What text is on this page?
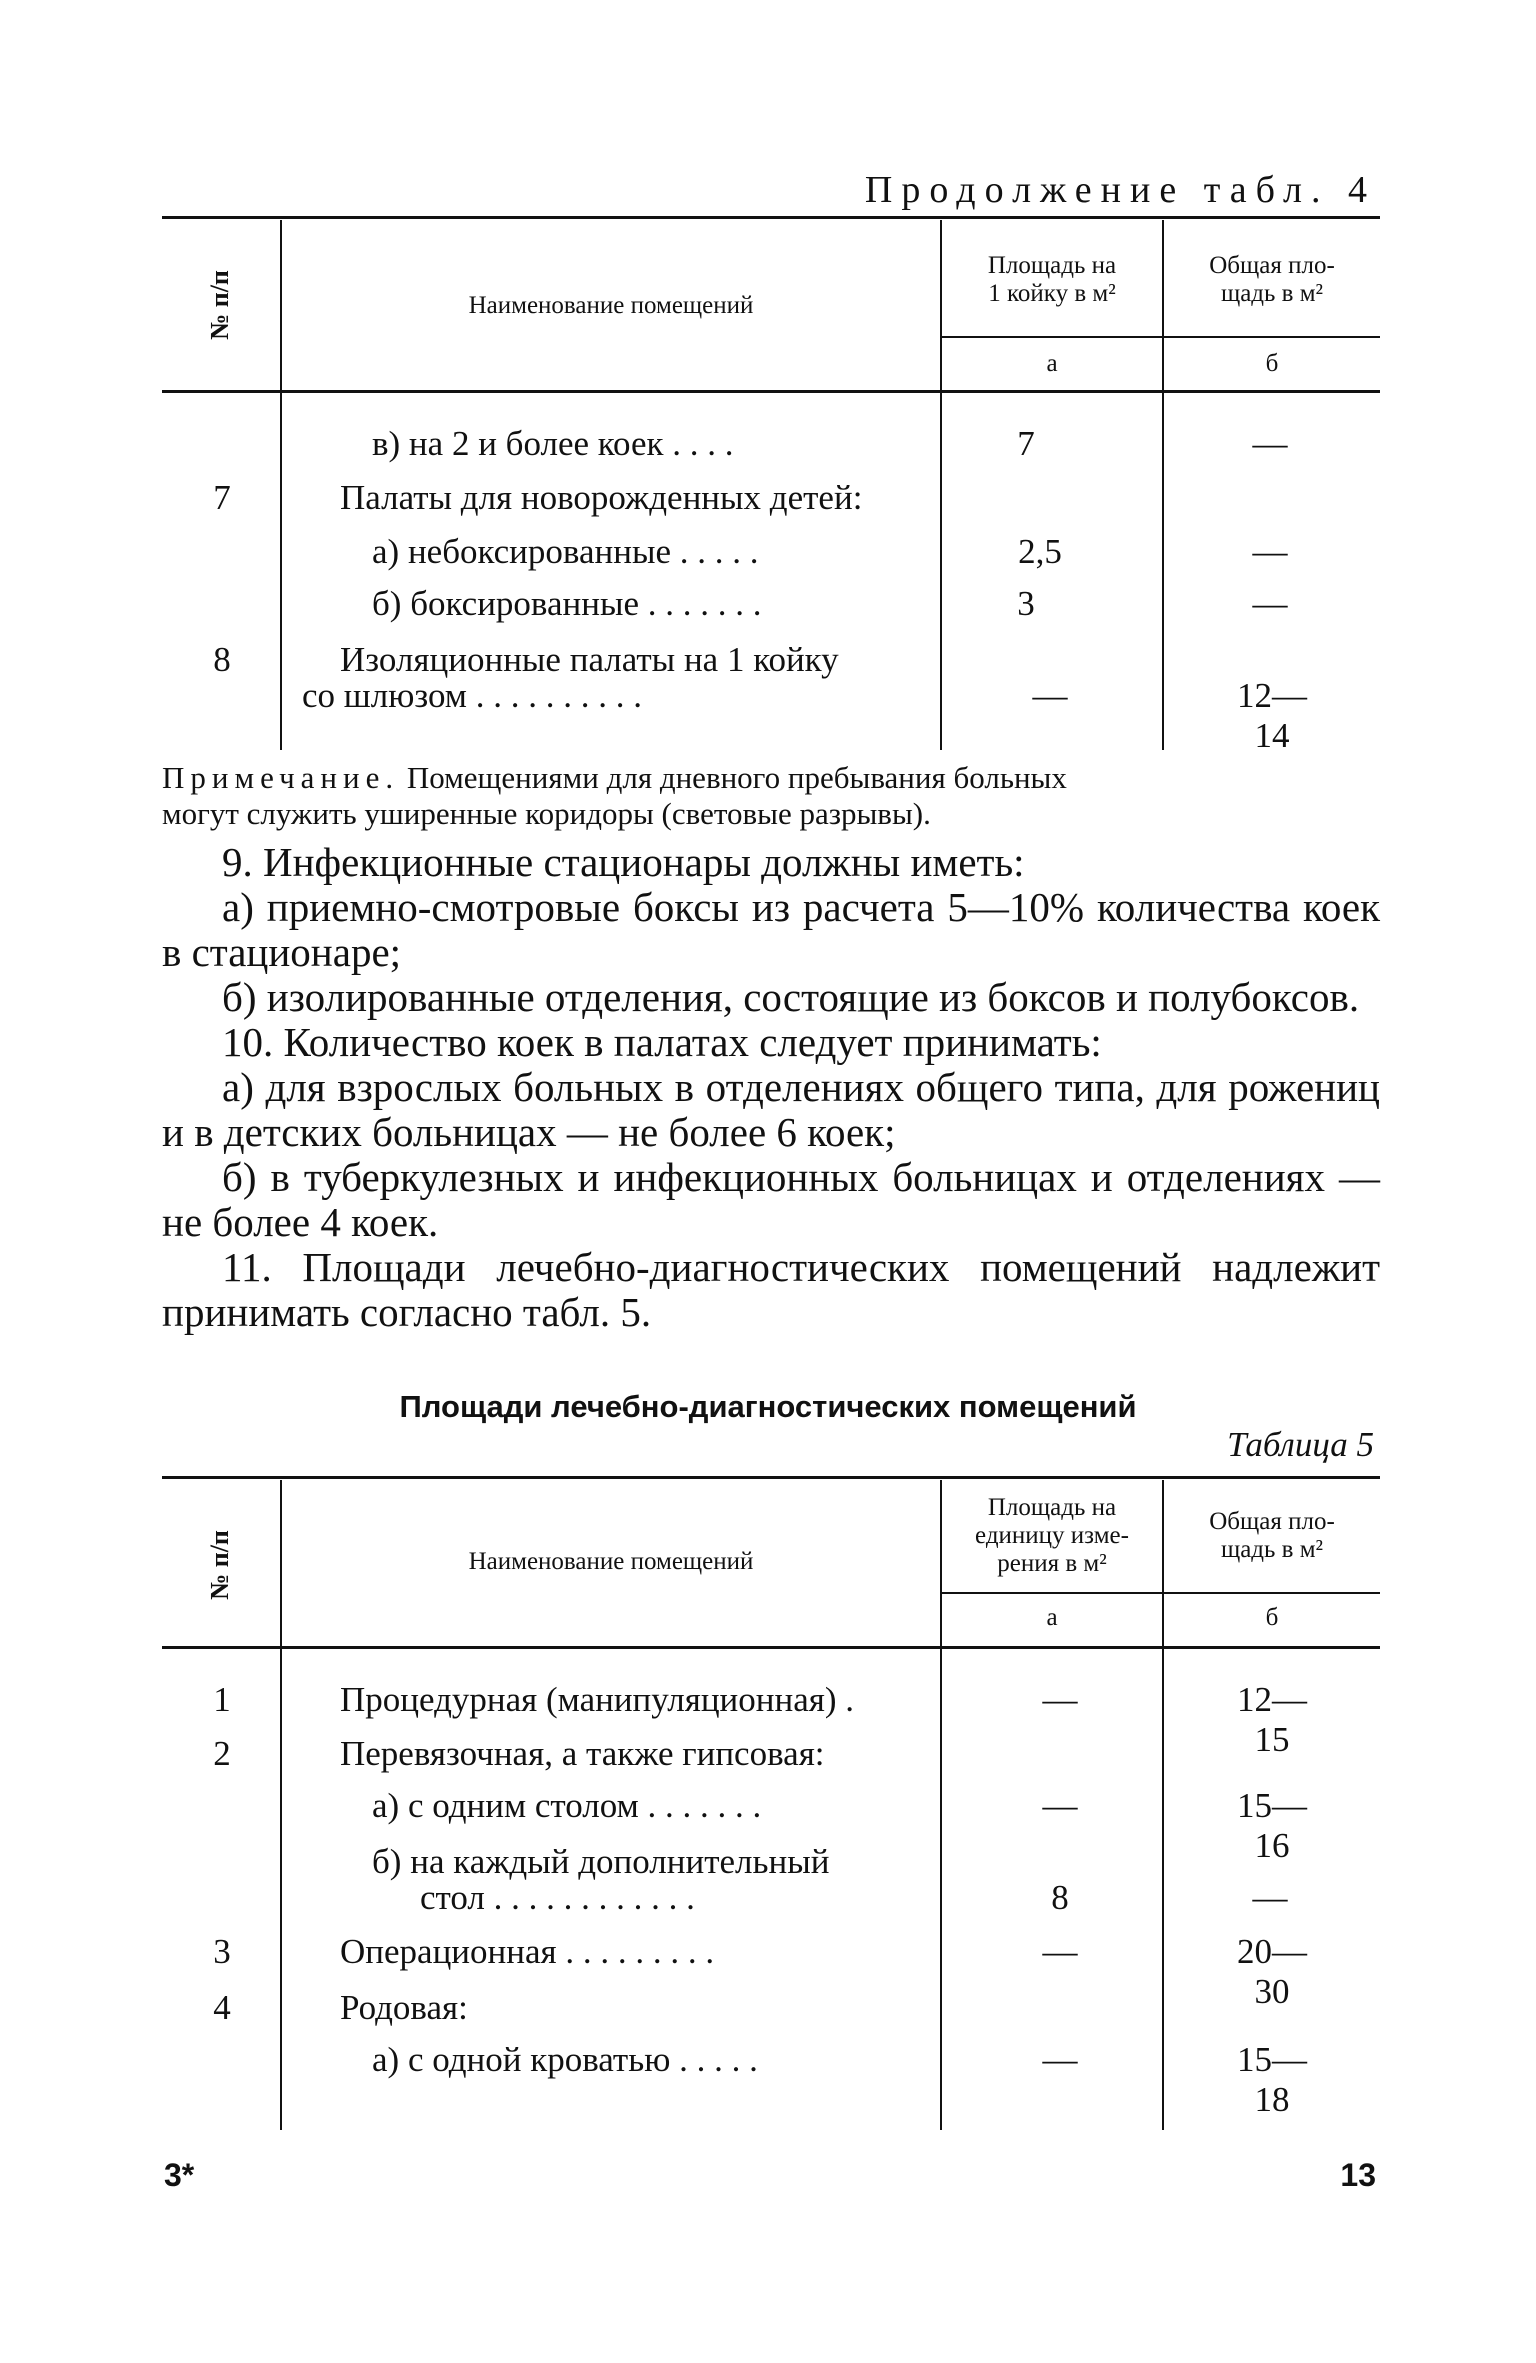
Продолжение табл. 4
№ п/п	Наименование помещений
Площадь на
1 койку в м²
Общая пло-
щадь в м²
а	б
в) на 2 и более коек . . . .	7	—
7	Палаты для новорожденных детей:
а) небоксированные . . . . .	2,5	—
б) боксированные . . . . . . .	3	—
8	Изоляционные палаты на 1 койку
со шлюзом . . . . . . . . . .	—	12—14
Примечание. Помещениями для дневного пребывания больных
могут служить уширенные коридоры (световые разрывы).

9. Инфекционные стационары должны иметь:

а) приемно-смотровые боксы из расчета 5—10% количества коек в стационаре;

б) изолированные отделения, состоящие из боксов и полубоксов.

10. Количество коек в палатах следует принимать:

а) для взрослых больных в отделениях общего типа, для рожениц и в детских больницах — не более 6 коек;

б) в туберкулезных и инфекционных больницах и отделениях — не более 4 коек.

11. Площади лечебно-диагностических помещений надлежит принимать согласно табл. 5.

Площади лечебно-диагностических помещений
Таблица 5
№ п/п	Наименование помещений
Площадь на
единицу изме-
рения в м²
Общая пло-
щадь в м²
а	б
1	Процедурная (манипуляционная) .	—	12—15
2	Перевязочная, а также гипсовая:
а) с одним столом . . . . . . .	—	15—16
б) на каждый дополнительный
стол . . . . . . . . . . . .	8	—
3	Операционная . . . . . . . . .	—	20—30
4	Родовая:
а) с одной кроватью . . . . .	—	15—18
3*	13
